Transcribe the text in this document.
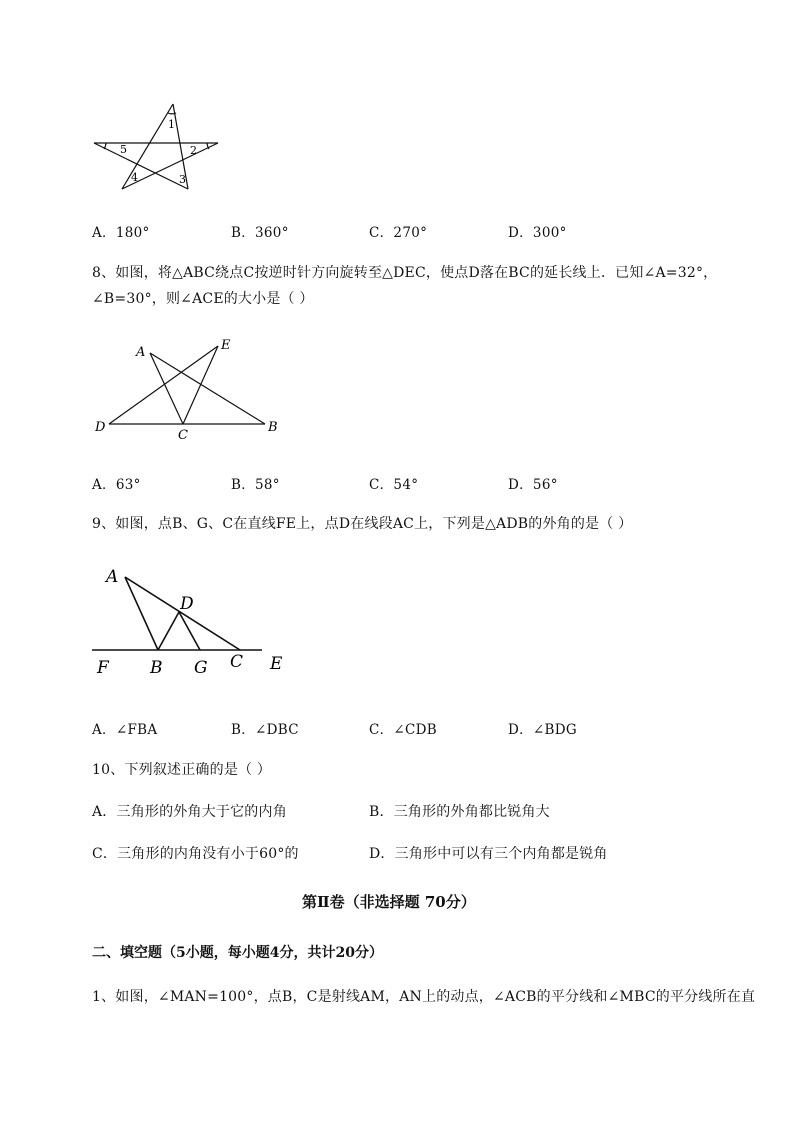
1
2
3
4
5
A．180°	B．360°	C．270°	D．300°
8、如图，将△ABC绕点C按逆时针方向旋转至△DEC，使点D落在BC的延长线上．已知∠A=32°，
∠B=30°，则∠ACE的大小是（ ）
A	E
D
C
B
A．63°	B．58°	C．54°	D．56°
9、如图，点B、G、C在直线FE上，点D在线段AC上，下列是△ADB的外角的是（ ）
A
D
F B G C E
A．∠FBA	B．∠DBC	C．∠CDB	D．∠BDG
10、下列叙述正确的是（ ）
A．三角形的外角大于它的内角	B．三角形的外角都比锐角大
C．三角形的内角没有小于60°的	D．三角形中可以有三个内角都是锐角
第Ⅱ卷（非选择题 70分）
二、填空题（5小题，每小题4分，共计20分）
1、如图，∠MAN=100°，点B，C是射线AM，AN上的动点，∠ACB的平分线和∠MBC的平分线所在直
